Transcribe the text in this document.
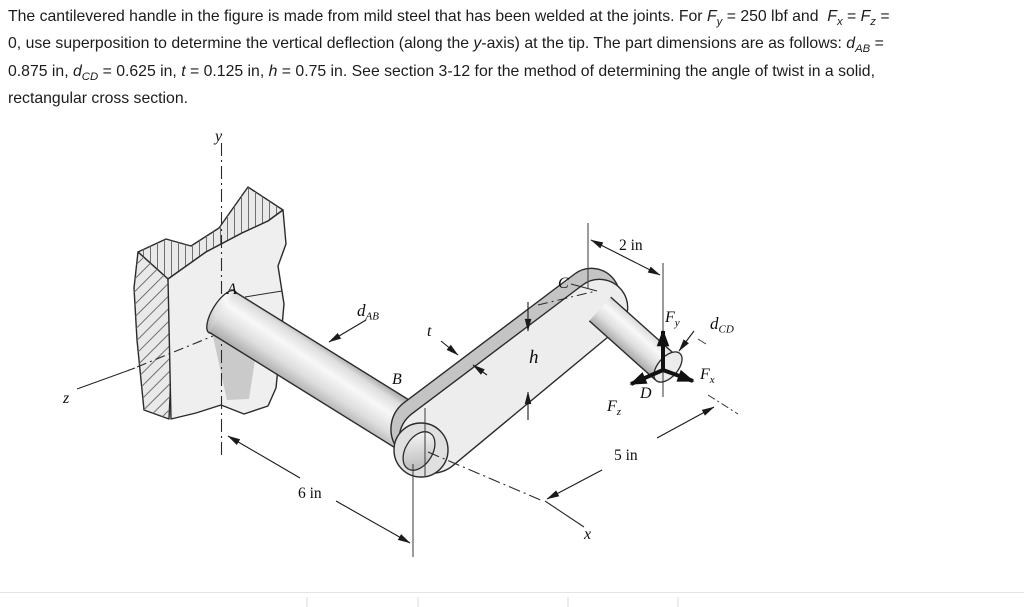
The cantilevered handle in the figure is made from mild steel that has been welded at the joints. For $F_y = 250$ lbf and  $F_x = F_z$ =
0, use superposition to determine the vertical deflection (along the y-axis) at the tip. The part dimensions are as follows: $d_{AB}$ =
0.875 in, $d_{CD} = 0.625$ in, t = 0.125 in, h = 0.75 in. See section 3-12 for the method of determining the angle of twist in a solid,
rectangular cross section.
y
z
x
A
B
C
D
2 in
5 in
6 in
t
h
$d_{AB}$	$d_{CD}$
$F_y$
$F_x$
$F_z$
